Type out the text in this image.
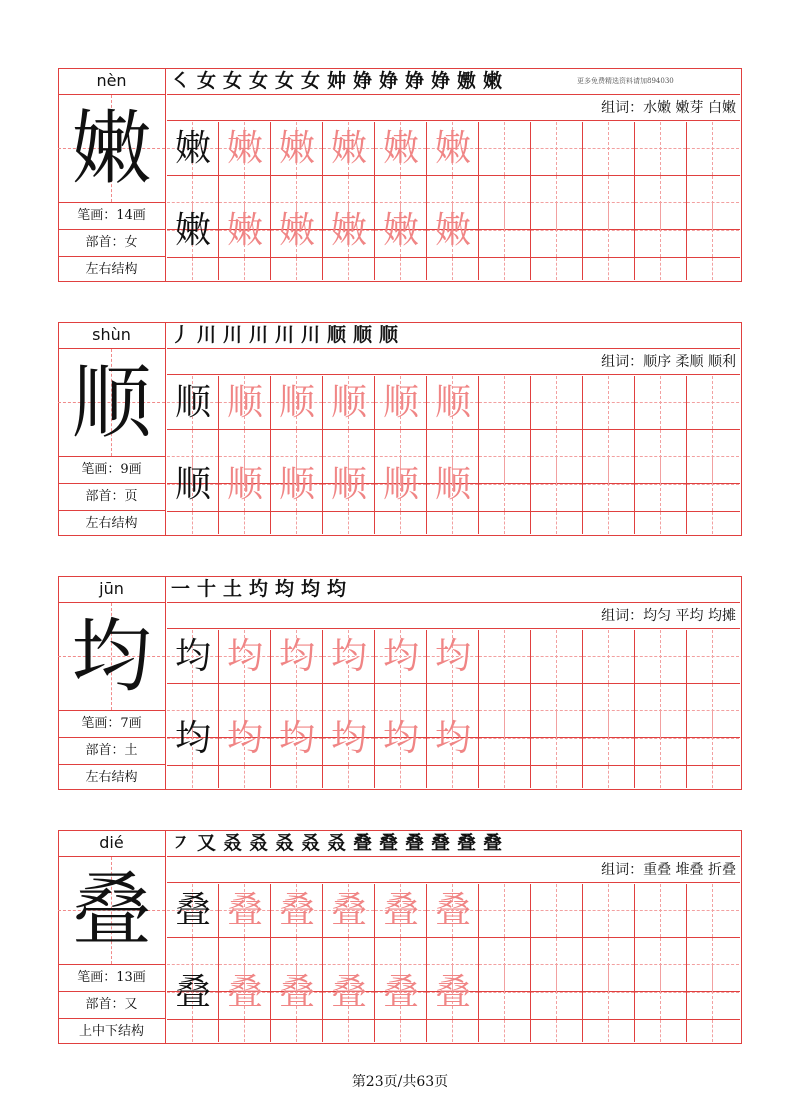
nèn
嫩
笔画：14画
部首：女
左右结构
㇛ 女 女 女 女 女 妕 婙 婙 婙 婙 嫐 嫩	更多免费精选资料请加894030
组词：水嫩 嫩芽 白嫩
嫩 嫩 嫩 嫩 嫩 嫩
嫩 嫩 嫩 嫩 嫩 嫩
shùn
顺
笔画：9画
部首：页
左右结构
丿 川 川 川 川 川 顺 顺 顺
组词：顺序 柔顺 顺利
顺 顺 顺 顺 顺 顺
顺 顺 顺 顺 顺 顺
jūn
均
笔画：7画
部首：土
左右结构
一 十 土 圴 均 均 均
组词：均匀 平均 均摊
均 均 均 均 均 均
均 均 均 均 均 均
dié
叠
笔画：13画
部首：又
上中下结构
㇇ 又 叒 叒 叒 叒 叒 叠 叠 叠 叠 叠 叠
组词：重叠 堆叠 折叠
叠 叠 叠 叠 叠 叠
叠 叠 叠 叠 叠 叠
第23页/共63页
